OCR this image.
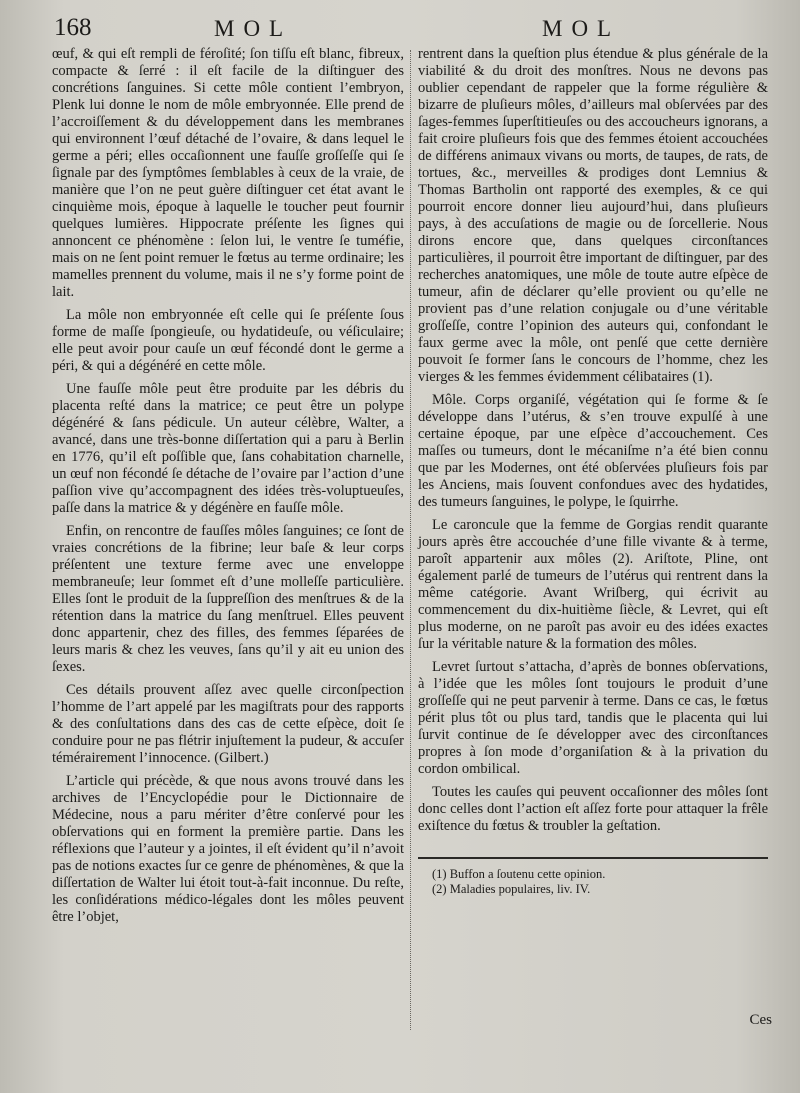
168	MOL	MOL

œuf, & qui eſt rempli de féroſité; ſon tiſſu eſt blanc, fibreux, compacte & ſerré : il eſt facile de la diſtinguer des concrétions ſanguines. Si cette môle contient l’embryon, Plenk lui donne le nom de môle embryonnée. Elle prend de l’accroiſſement & du développement dans les membranes qui environnent l’œuf détaché de l’ovaire, & dans lequel le germe a péri; elles occaſionnent une fauſſe groſſeſſe qui ſe ſignale par des ſymptômes ſemblables à ceux de la vraie, de manière que l’on ne peut guère diſtinguer cet état avant le cinquième mois, époque à laquelle le toucher peut fournir quelques lumières. Hippocrate préſente les ſignes qui annoncent ce phénomène : ſelon lui, le ventre ſe tuméfie, mais on ne ſent point remuer le fœtus au terme ordinaire; les mamelles prennent du volume, mais il ne s’y forme point de lait.

La môle non embryonnée eſt celle qui ſe préſente ſous forme de maſſe ſpongieuſe, ou hydatideuſe, ou véſiculaire; elle peut avoir pour cauſe un œuf fécondé dont le germe a péri, & qui a dégénéré en cette môle.

Une fauſſe môle peut être produite par les débris du placenta reſté dans la matrice; ce peut être un polype dégénéré & ſans pédicule. Un auteur célèbre, Walter, a avancé, dans une très-bonne diſſertation qui a paru à Berlin en 1776, qu’il eſt poſſible que, ſans cohabitation charnelle, un œuf non fécondé ſe détache de l’ovaire par l’action d’une paſſion vive qu’accompagnent des idées très-voluptueuſes, paſſe dans la matrice & y dégénère en fauſſe môle.

Enfin, on rencontre de fauſſes môles ſanguines; ce ſont de vraies concrétions de la fibrine; leur baſe & leur corps préſentent une texture ferme avec une enveloppe membraneuſe; leur ſommet eſt d’une molleſſe particulière. Elles ſont le produit de la ſuppreſſion des menſtrues & de la rétention dans la matrice du ſang menſtruel. Elles peuvent donc appartenir, chez des filles, des femmes ſéparées de leurs maris & chez les veuves, ſans qu’il y ait eu union des ſexes.

Ces détails prouvent aſſez avec quelle circonſpection l’homme de l’art appelé par les magiſtrats pour des rapports & des conſultations dans des cas de cette eſpèce, doit ſe conduire pour ne pas flétrir injuſtement la pudeur, & accuſer témérairement l’innocence. (Gilbert.)

L’article qui précède, & que nous avons trouvé dans les archives de l’Encyclopédie pour le Dictionnaire de Médecine, nous a paru mériter d’être conſervé pour les obſervations qui en forment la première partie. Dans les réflexions que l’auteur y a jointes, il eſt évident qu’il n’avoit pas de notions exactes ſur ce genre de phénomènes, & que la diſſertation de Walter lui étoit tout-à-fait inconnue. Du reſte, les conſidérations médico-légales dont les môles peuvent être l’objet,

rentrent dans la queſtion plus étendue & plus générale de la viabilité & du droit des monſtres. Nous ne devons pas oublier cependant de rappeler que la forme régulière & bizarre de pluſieurs môles, d’ailleurs mal obſervées par des ſages-femmes ſuperſtitieuſes ou des accoucheurs ignorans, a fait croire pluſieurs fois que des femmes étoient accouchées de différens animaux vivans ou morts, de taupes, de rats, de tortues, &c., merveilles & prodiges dont Lemnius & Thomas Bartholin ont rapporté des exemples, & ce qui pourroit encore donner lieu aujourd’hui, dans pluſieurs pays, à des accuſations de magie ou de ſorcellerie. Nous dirons encore que, dans quelques circonſtances particulières, il pourroit être important de diſtinguer, par des recherches anatomiques, une môle de toute autre eſpèce de tumeur, afin de déclarer qu’elle provient ou qu’elle ne provient pas d’une relation conjugale ou d’une véritable groſſeſſe, contre l’opinion des auteurs qui, confondant le faux germe avec la môle, ont penſé que cette dernière pouvoit ſe former ſans le concours de l’homme, chez les vierges & les femmes évidemment célibataires (1).

Môle. Corps organiſé, végétation qui ſe forme & ſe développe dans l’utérus, & s’en trouve expulſé à une certaine époque, par une eſpèce d’accouchement. Ces maſſes ou tumeurs, dont le mécaniſme n’a été bien connu que par les Modernes, ont été obſervées pluſieurs fois par les Anciens, mais ſouvent confondues avec des hydatides, des tumeurs ſanguines, le polype, le ſquirrhe.

Le caroncule que la femme de Gorgias rendit quarante jours après être accouchée d’une fille vivante & à terme, paroît appartenir aux môles (2). Ariſtote, Pline, ont également parlé de tumeurs de l’utérus qui rentrent dans la même catégorie. Avant Wriſberg, qui écrivit au commencement du dix-huitième ſiècle, & Levret, qui eſt plus moderne, on ne paroît pas avoir eu des idées exactes ſur la véritable nature & la formation des môles.

Levret ſurtout s’attacha, d’après de bonnes obſervations, à l’idée que les môles ſont toujours le produit d’une groſſeſſe qui ne peut parvenir à terme. Dans ce cas, le fœtus périt plus tôt ou plus tard, tandis que le placenta qui lui ſurvit continue de ſe développer avec des circonſtances propres à ſon mode d’organiſation & à la privation du cordon ombilical.

Toutes les cauſes qui peuvent occaſionner des môles ſont donc celles dont l’action eſt aſſez forte pour attaquer la frêle exiſtence du fœtus & troubler la geſtation.

(1) Buffon a ſoutenu cette opinion.

(2) Maladies populaires, liv. IV.

Ces
